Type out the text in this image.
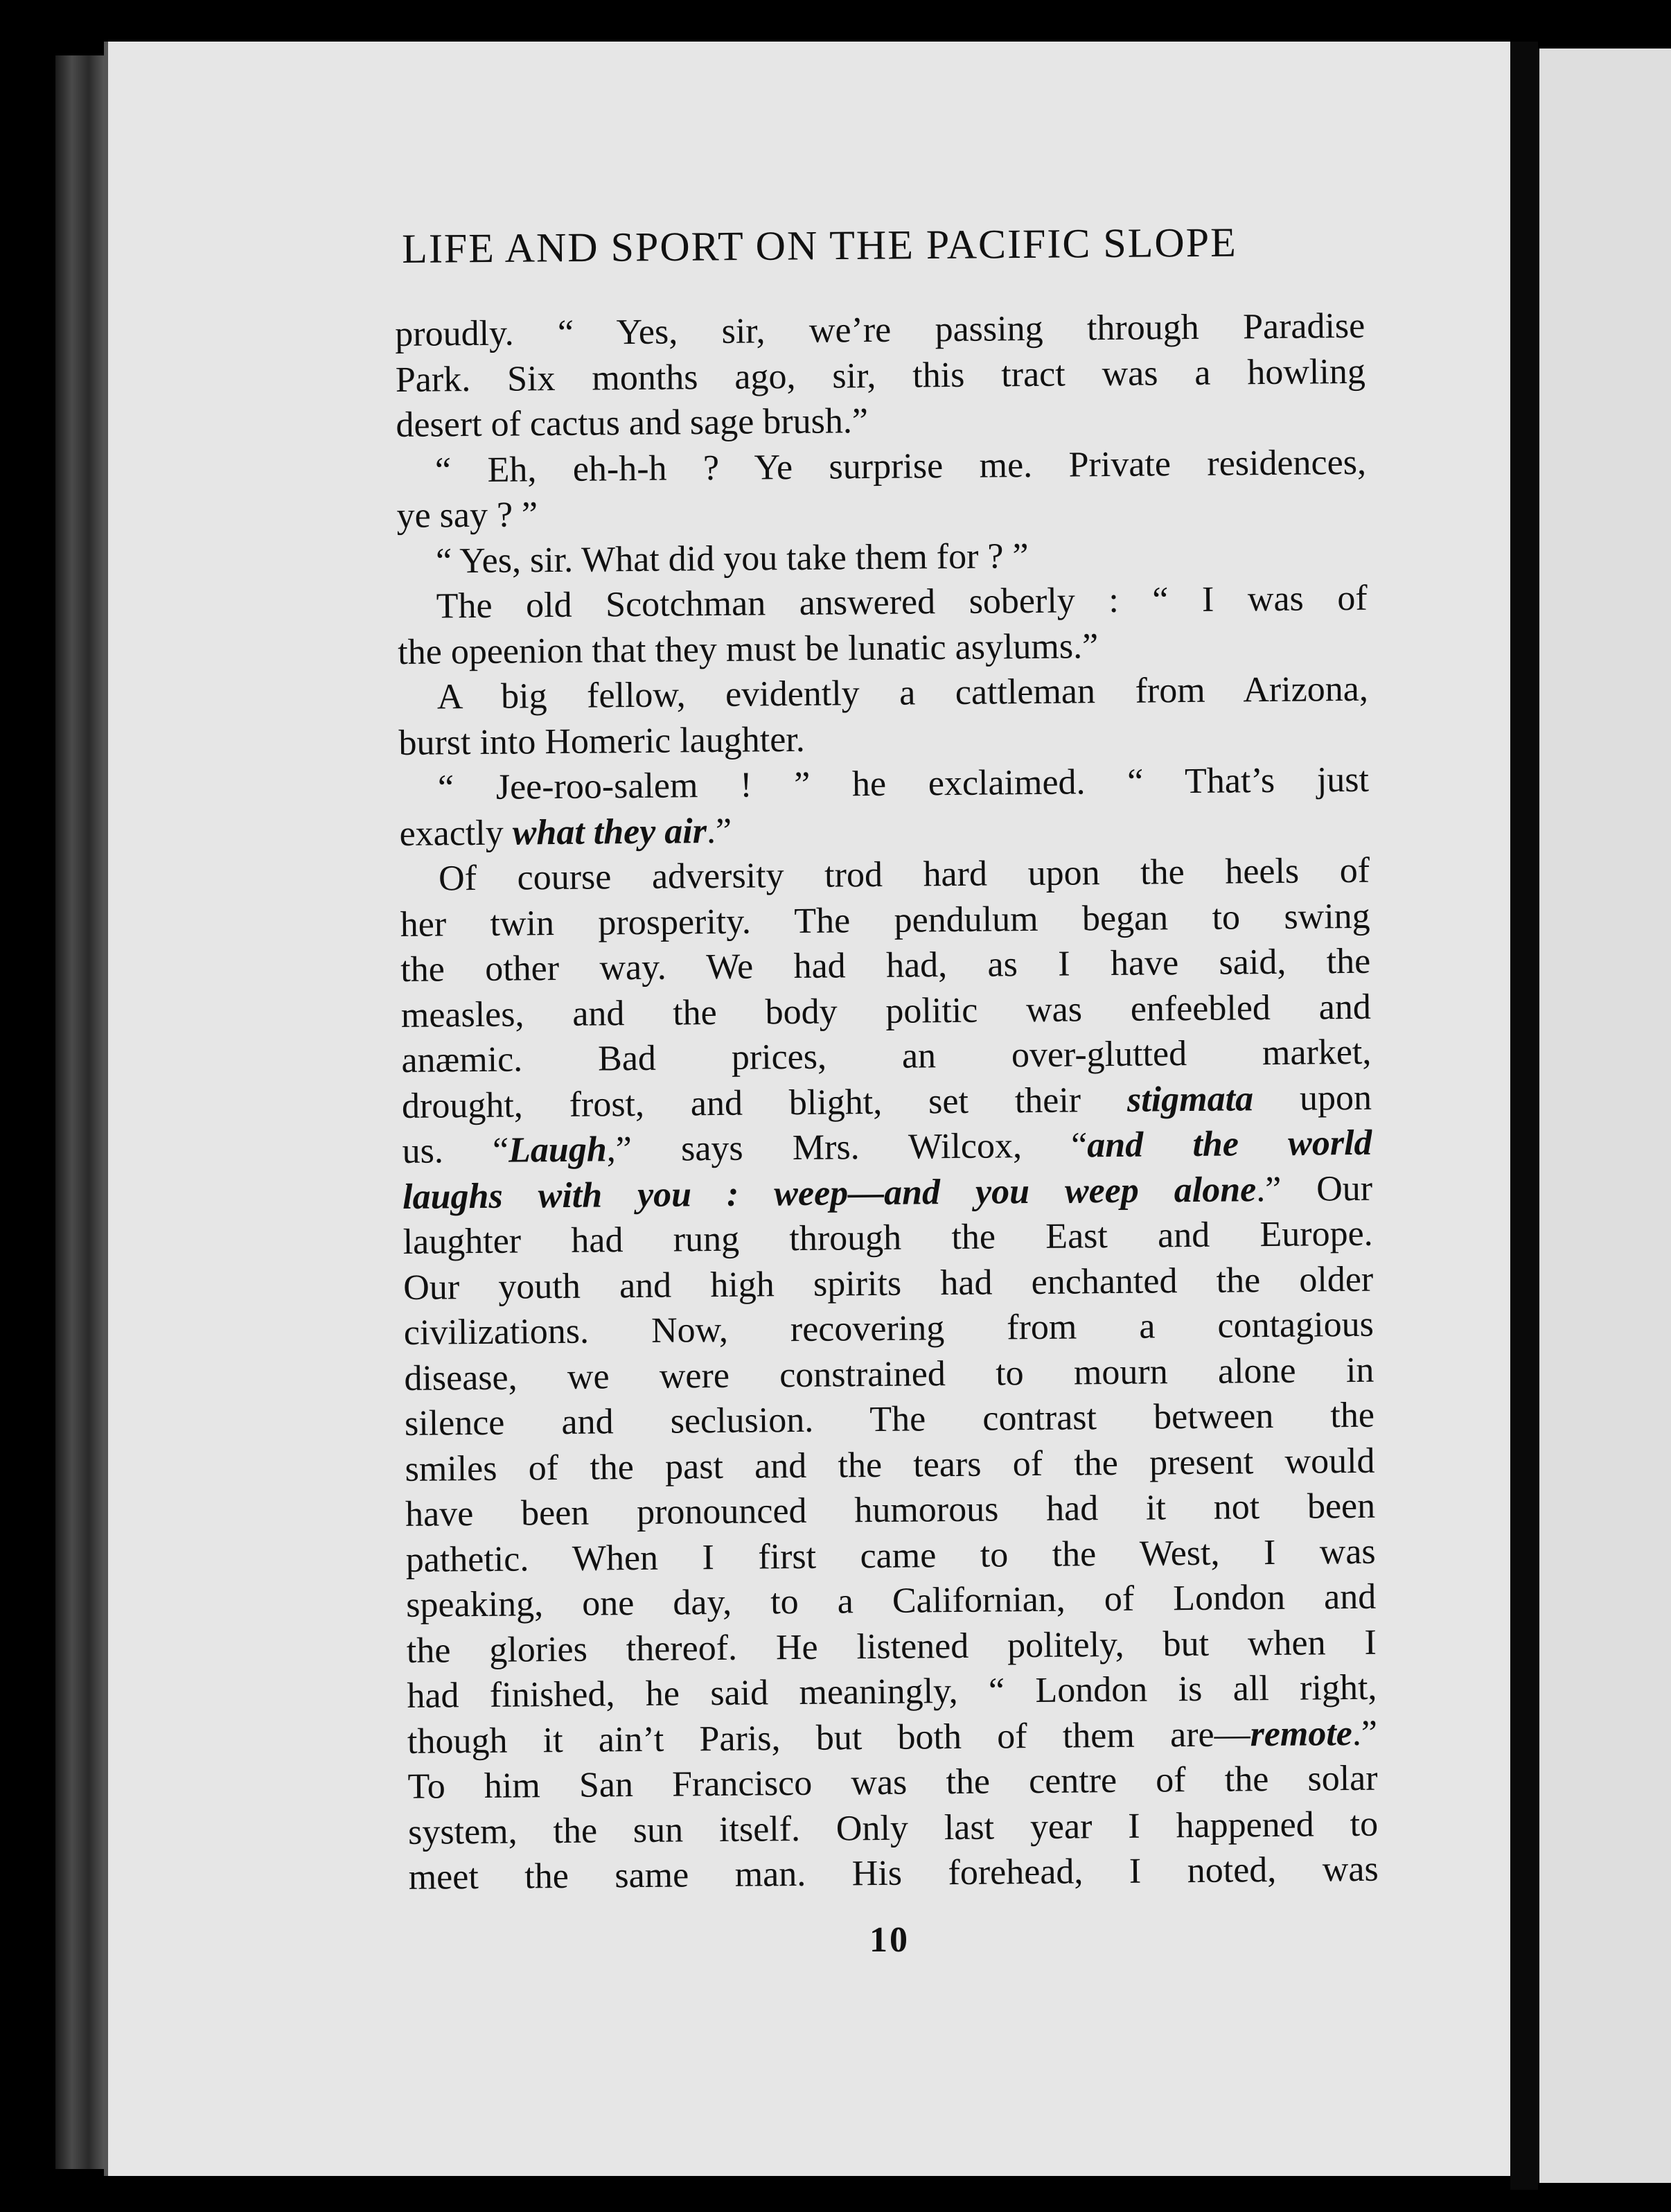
LIFE AND SPORT ON THE PACIFIC SLOPE
proudly. “ Yes, sir, we’re passing through Paradise
Park. Six months ago, sir, this tract was a howling
desert of cactus and sage brush.”
“ Eh, eh-h-h ? Ye surprise me. Private residences,
ye say ? ”
“ Yes, sir. What did you take them for ? ”
The old Scotchman answered soberly : “ I was of
the opeenion that they must be lunatic asylums.”
A big fellow, evidently a cattleman from Arizona,
burst into Homeric laughter.
“ Jee-roo-salem ! ” he exclaimed. “ That’s just
exactly what they air.”
Of course adversity trod hard upon the heels of
her twin prosperity. The pendulum began to swing
the other way. We had had, as I have said, the
measles, and the body politic was enfeebled and
anæmic. Bad prices, an over-glutted market,
drought, frost, and blight, set their stigmata upon
us. “Laugh,” says Mrs. Wilcox, “and the world
laughs with you : weep—and you weep alone.” Our
laughter had rung through the East and Europe.
Our youth and high spirits had enchanted the older
civilizations. Now, recovering from a contagious
disease, we were constrained to mourn alone in
silence and seclusion. The contrast between the
smiles of the past and the tears of the present would
have been pronounced humorous had it not been
pathetic. When I first came to the West, I was
speaking, one day, to a Californian, of London and
the glories thereof. He listened politely, but when I
had finished, he said meaningly, “ London is all right,
though it ain’t Paris, but both of them are—remote.”
To him San Francisco was the centre of the solar
system, the sun itself. Only last year I happened to
meet the same man. His forehead, I noted, was
10
